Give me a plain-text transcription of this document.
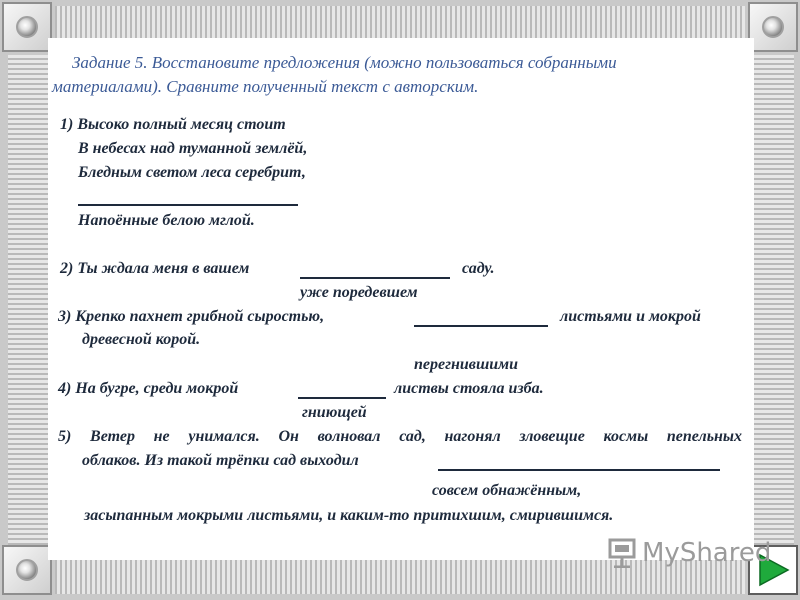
Задание 5. Восстановите предложения (можно пользоваться собранными
материалами). Сравните полученный текст с авторским.
1) Высоко полный месяц стоит
В небесах над туманной землёй,
Бледным светом леса серебрит,
Напоённые белою мглой.
2) Ты ждала меня в вашем	саду.
уже поредевшем
3) Крепко пахнет грибной сыростью,	листьями и мокрой
древесной корой.
перегнившими
4) На бугре, среди мокрой	листвы стояла изба.
гниющей
5) Ветер не унимался. Он волновал сад, нагонял зловещие космы пепельных
облаков. Из такой трёпки сад выходил
совсем обнажённым,
засыпанным мокрыми листьями, и каким-то притихшим, смирившимся.
MyShared
